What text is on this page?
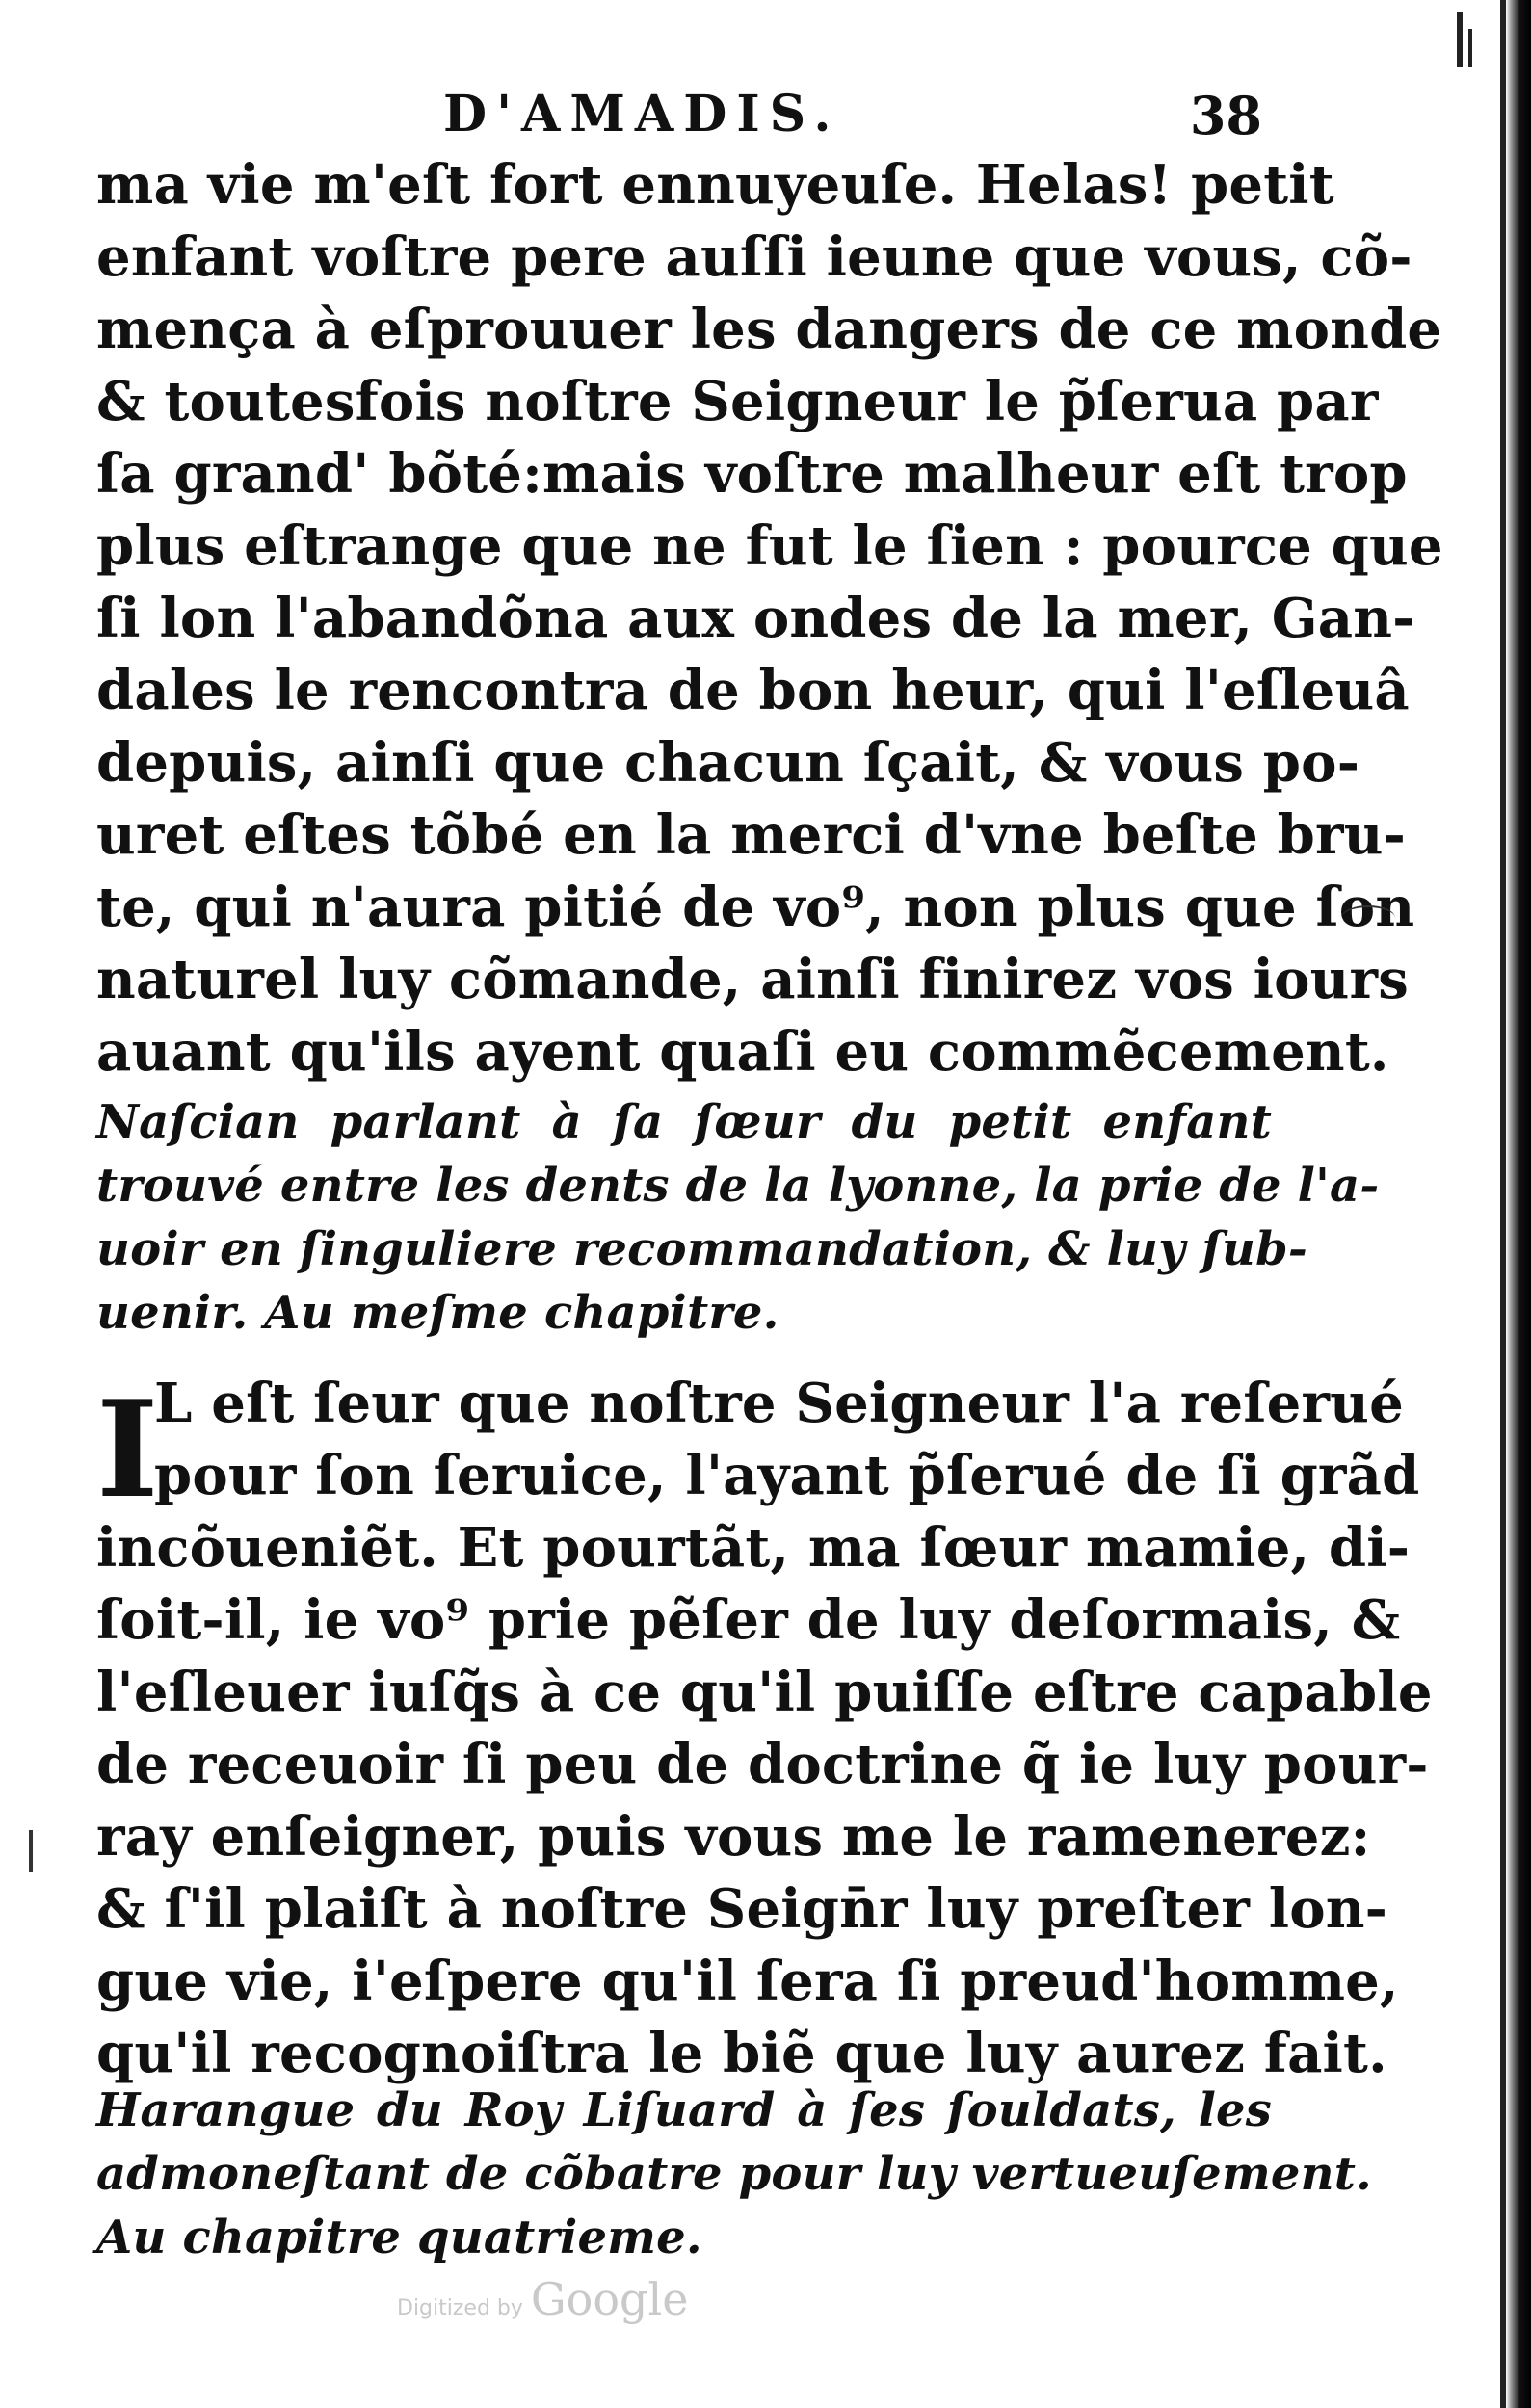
D'AMADIS.	38
ma vie m'eſt fort ennuyeuſe. Helas! petit
enfant voſtre pere auſſi ieune que vous, cõ-
mença à eſprouuer les dangers de ce monde
& toutesfois noſtre Seigneur le p̃ſerua par
ſa grand' bõté:mais voſtre malheur eſt trop
plus eſtrange que ne fut le ſien : pource que
ſi lon l'abandõna aux ondes de la mer, Gan-
dales le rencontra de bon heur, qui l'eſleuâ
depuis, ainſi que chacun ſçait, & vous po-
uret eſtes tõbé en la merci d'vne beſte bru-
te, qui n'aura pitié de vo⁹, non plus que ſon
naturel luy cõmande, ainſi finirez vos iours
auant qu'ils ayent quaſi eu commẽcement.
Naſcian parlant à ſa ſœur du petit enfant
trouvé entre les dents de la lyonne, la prie de l'a-
uoir en ſinguliere recommandation, & luy ſub-
uenir. Au meſme chapitre.
I
L eſt ſeur que noſtre Seigneur l'a reſerué
pour ſon ſeruice, l'ayant p̃ſerué de ſi grãd
incõueniẽt. Et pourtãt, ma ſœur mamie, di-
ſoit-il, ie vo⁹ prie pẽſer de luy deſormais, &
l'eſleuer iuſq̃s à ce qu'il puiſſe eſtre capable
de receuoir ſi peu de doctrine q̃ ie luy pour-
ray enſeigner, puis vous me le ramenerez:
& ſ'il plaiſt à noſtre Seign̄r luy preſter lon-
gue vie, i'eſpere qu'il ſera ſi preud'homme,
qu'il recognoiſtra le biẽ que luy aurez fait.
Harangue du Roy Liſuard à ſes ſouldats, les
admoneſtant de cõbatre pour luy vertueuſement.
Au chapitre quatrieme.
Digitized by Google
